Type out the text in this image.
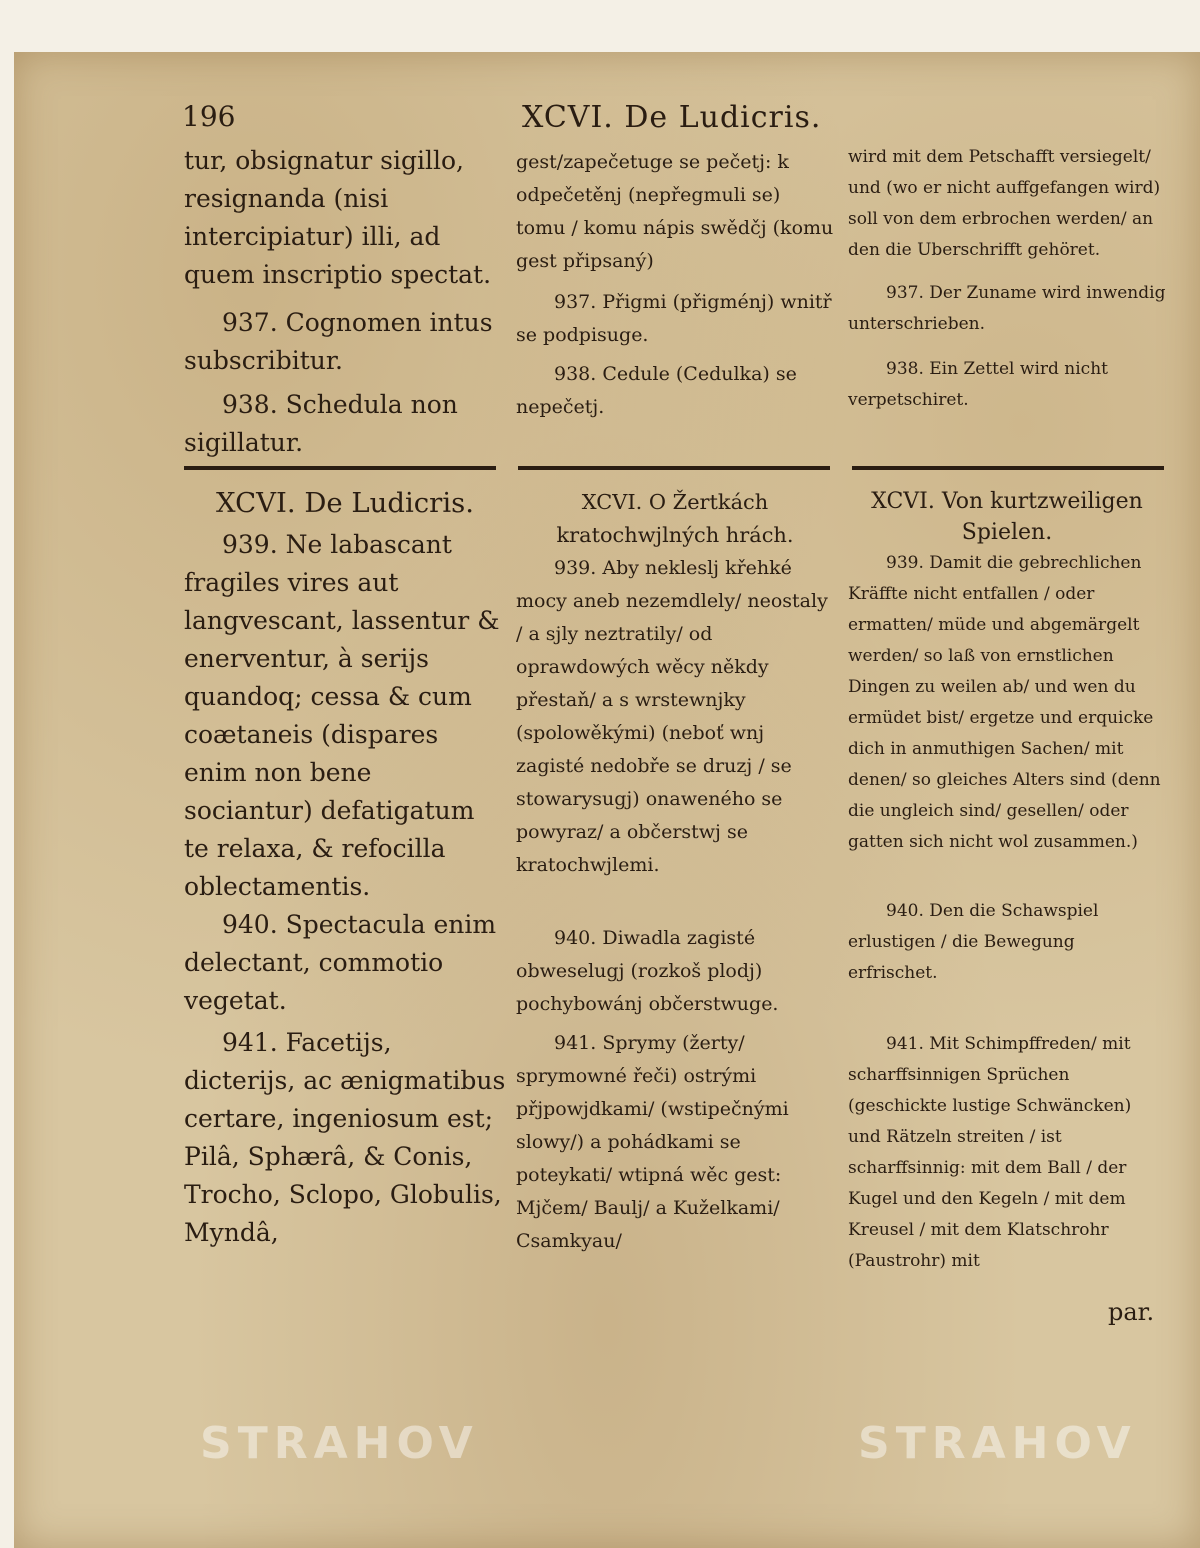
196	XCVI. De Ludicris.

tur, obsignatur sigillo, resignanda (nisi intercipiatur) illi, ad quem inscriptio spectat.

937. Cognomen intus subscribitur.

938. Schedula non sigillatur.

XCVI. De Ludicris.

939. Ne labascant fragiles vires aut langvescant, lassentur & enerventur, à serijs quandoq; cessa & cum coætaneis (dispares enim non bene sociantur) defatigatum te relaxa, & refocilla oblectamentis.

940. Spectacula enim delectant, commotio vegetat.

941. Facetijs, dicterijs, ac ænigmatibus certare, ingeniosum est; Pilâ, Sphærâ, & Conis, Trocho, Sclopo, Globulis, Myndâ,

gest/zapečetuge se pečetj: k odpečetěnj (nepřegmuli se) tomu / komu nápis swědčj (komu gest připsaný)

937. Přigmi (přigménj) wnitř se podpisuge.

938. Cedule (Cedulka) se nepečetj.

XCVI. O Žertkách kratochwjlných hrách.

939. Aby nekleslj křehké mocy aneb nezemdlely/ neostaly / a sjly neztratily/ od oprawdowých wěcy někdy přestaň/ a s wrstewnjky (spolowěkými) (neboť wnj zagisté nedobře se druzj / se stowarysugj) onaweného se powyraz/ a občerstwj se kratochwjlemi.

940. Diwadla zagisté obweselugj (rozkoš plodj) pochybowánj občerstwuge.

941. Sprymy (žerty/ sprymowné řeči) ostrými přjpowjdkami/ (wstipečnými slowy/) a pohádkami se poteykati/ wtipná wěc gest: Mjčem/ Baulj/ a Kuželkami/ Csamkyau/

wird mit dem Petschafft versiegelt/ und (wo er nicht auffgefangen wird) soll von dem erbrochen werden/ an den die Uberschrifft gehöret.

937. Der Zuname wird inwendig unterschrieben.

938. Ein Zettel wird nicht verpetschiret.

XCVI. Von kurtzweiligen Spielen.

939. Damit die gebrechlichen Kräffte nicht entfallen / oder ermatten/ müde und abgemärgelt werden/ so laß von ernstlichen Dingen zu weilen ab/ und wen du ermüdet bist/ ergetze und erquicke dich in anmuthigen Sachen/ mit denen/ so gleiches Alters sind (denn die ungleich sind/ gesellen/ oder gatten sich nicht wol zusammen.)

940. Den die Schawspiel erlustigen / die Bewegung erfrischet.

941. Mit Schimpffreden/ mit scharffsinnigen Sprüchen (geschickte lustige Schwäncken) und Rätzeln streiten / ist scharffsinnig: mit dem Ball / der Kugel und den Kegeln / mit dem Kreusel / mit dem Klatschrohr (Paustrohr) mit

par.
STRAHOV	STRAHOV
